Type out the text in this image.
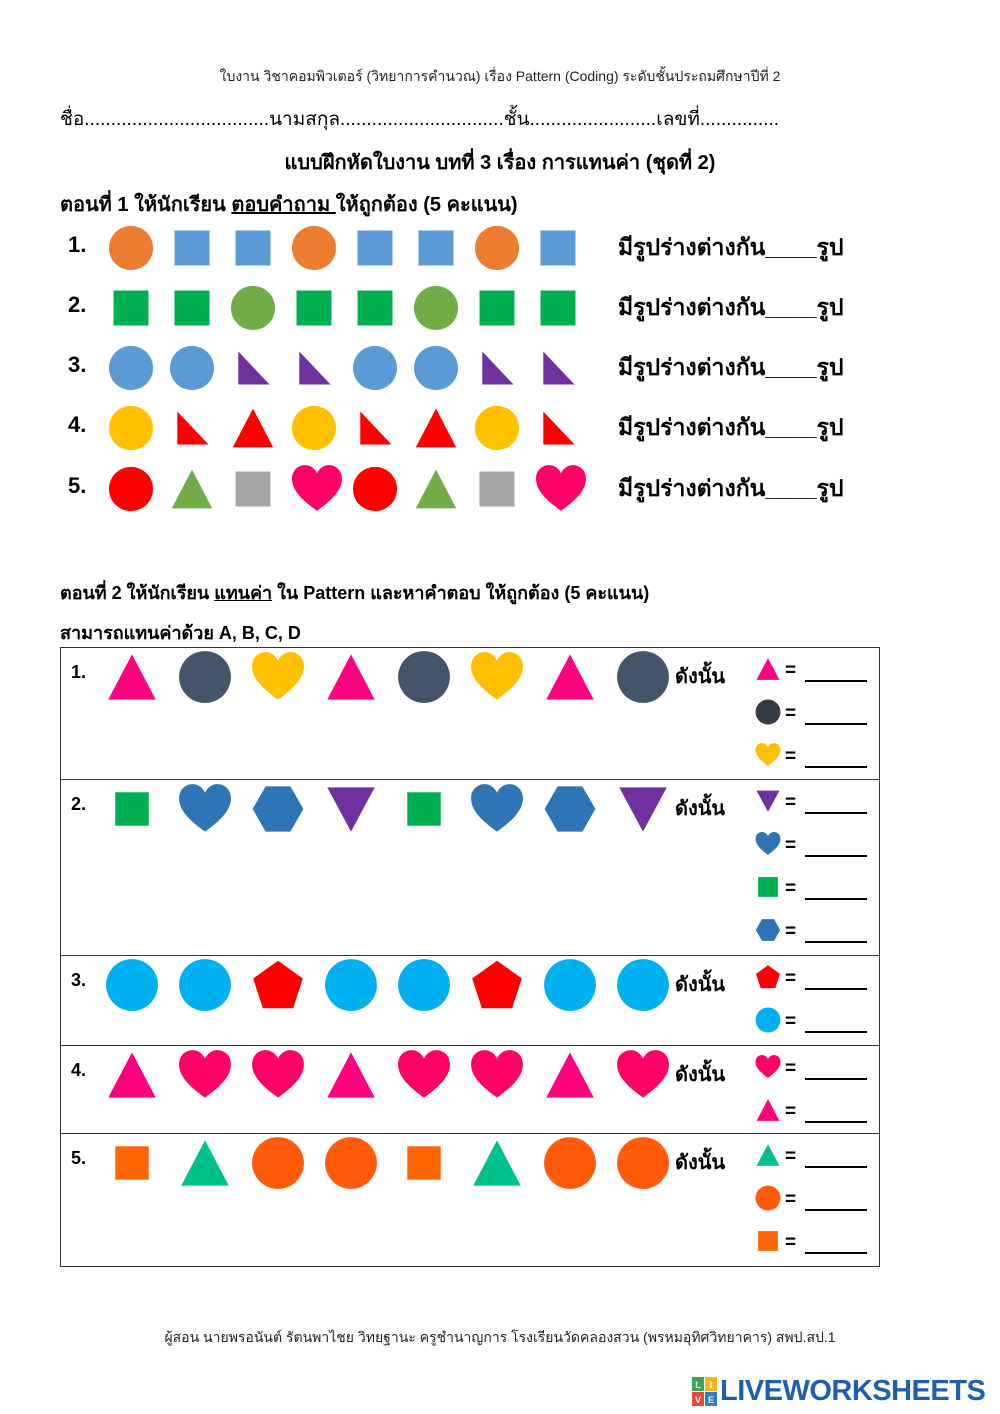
ใบงาน วิชาคอมพิวเตอร์ (วิทยาการคำนวณ) เรื่อง Pattern (Coding) ระดับชั้นประถมศึกษาปีที่ 2
ชื่อ...................................นามสกุล...............................ชั้น........................เลขที่...............
แบบฝึกหัดใบงาน บทที่ 3 เรื่อง การแทนค่า (ชุดที่ 2)
ตอนที่ 1 ให้นักเรียน ตอบคำถาม ให้ถูกต้อง (5 คะแนน)
1.	มีรูปร่างต่างกัน____รูป
2.	มีรูปร่างต่างกัน____รูป
3.	มีรูปร่างต่างกัน____รูป
4.	มีรูปร่างต่างกัน____รูป
5.	มีรูปร่างต่างกัน____รูป
ตอนที่ 2 ให้นักเรียน แทนค่า ใน Pattern และหาคำตอบ ให้ถูกต้อง (5 คะแนน)
สามารถแทนค่าด้วย A, B, C, D
1.	ดังนั้น	=
=
=
2.	ดังนั้น	=
=
=
=
3.	ดังนั้น	=
=
4.	ดังนั้น	=
=
5.	ดังนั้น	=
=
=
ผู้สอน นายพรอนันต์ รัตนพาไชย วิทยฐานะ ครูชำนาญการ โรงเรียนวัดคลองสวน (พรหมอุทิศวิทยาคาร) สพป.สป.1
L I
V E LIVEWORKSHEETS
